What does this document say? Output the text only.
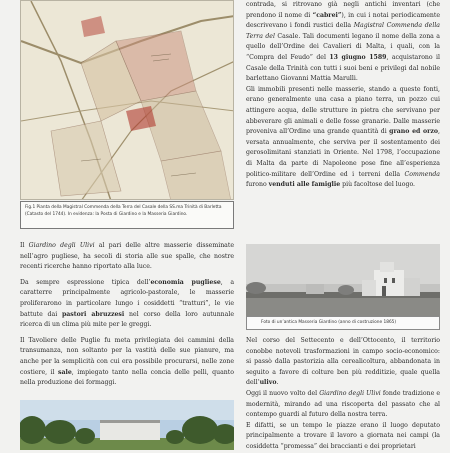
Fig.1 Pianta della Magistral Commenda della Terra del Casale della SS.ma Trinità di Barletta (Catasto del 1744). In evidenza: la Posta di Giardino e la Masseria Giardino.

Il Giardino degli Ulivi al pari delle altre masserie disseminate nell’agro pugliese, ha secoli di storia alle sue spalle, che nostre recenti ricerche hanno riportato alla luce.

Da sempre espressione tipica dell’economia pugliese, a caratterre principalmente agricolo-pastorale, le masserie proliferarono in particolare lungo i cosiddetti “tratturi”, le vie battute dai pastori abruzzesi nel corso della loro autunnale ricerca di un clima più mite per le greggi.

Il Tavoliere delle Puglie fu meta privilegiata dei cammini della transumanza, non soltanto per la vastità delle sue pianure, ma anche per la semplicità con cui era possibile procurarsi, nelle zone costiere, il sale, impiegato tanto nella concia delle pelli, quanto nella produzione dei formaggi.

contrada, si ritrovano già negli antichi inventari (che prendono il nome di “cabrei”), in cui i notai periodicamente descrivevano i fondi rustici della Magistral Commenda della Terra del Casale. Tali documenti legano il nome della zona a quello dell’Ordine dei Cavalieri di Malta, i quali, con la “Compra del Feudo” del 13 giugno 1589, acquistarono il Casale della Trinità con tutti i suoi beni e privilegi dal nobile barlettano Giovanni Mattia Marulli.

Gli immobili presenti nelle masserie, stando a queste fonti, erano generalmente una casa a piano terra, un pozzo cui attingere acqua, delle strutture in pietra che servivano per abbeverare gli animali e delle fosse granarie. Dalle masserie proveniva all’Ordine una grande quantità di grano ed orzo, versata annualmente, che serviva per il sostentamento dei gerosolimitani stanziati in Oriente. Nel 1798, l’occupazione di Malta da parte di Napoleone pose fine all’esperienza politico-militare dell’Ordine ed i terreni della Commenda furono venduti alle famiglie più facoltose del luogo.

Foto di un’antica Masseria Giardino (anno di costruzione 1865)

Nel corso del Settecento e dell’Ottocento, il territorio conobbe notevoli trasformazioni in campo socio-economico: si passò dalla pastorizia alla cerealicoltura, abbandonata in seguito a favore di colture ben più redditizie, quale quella dell’ulivo.

Oggi il nuovo volto del Giardino degli Ulivi fonde tradizione e modernità, mirando ad una riscoperta del passato che al contempo guardi al futuro della nostra terra.

E difatti, se un tempo le piazze erano il luogo deputato principalmente a trovare il lavoro a giornata nei campi (la cosiddetta “promessa” dei braccianti e dei proprietari
